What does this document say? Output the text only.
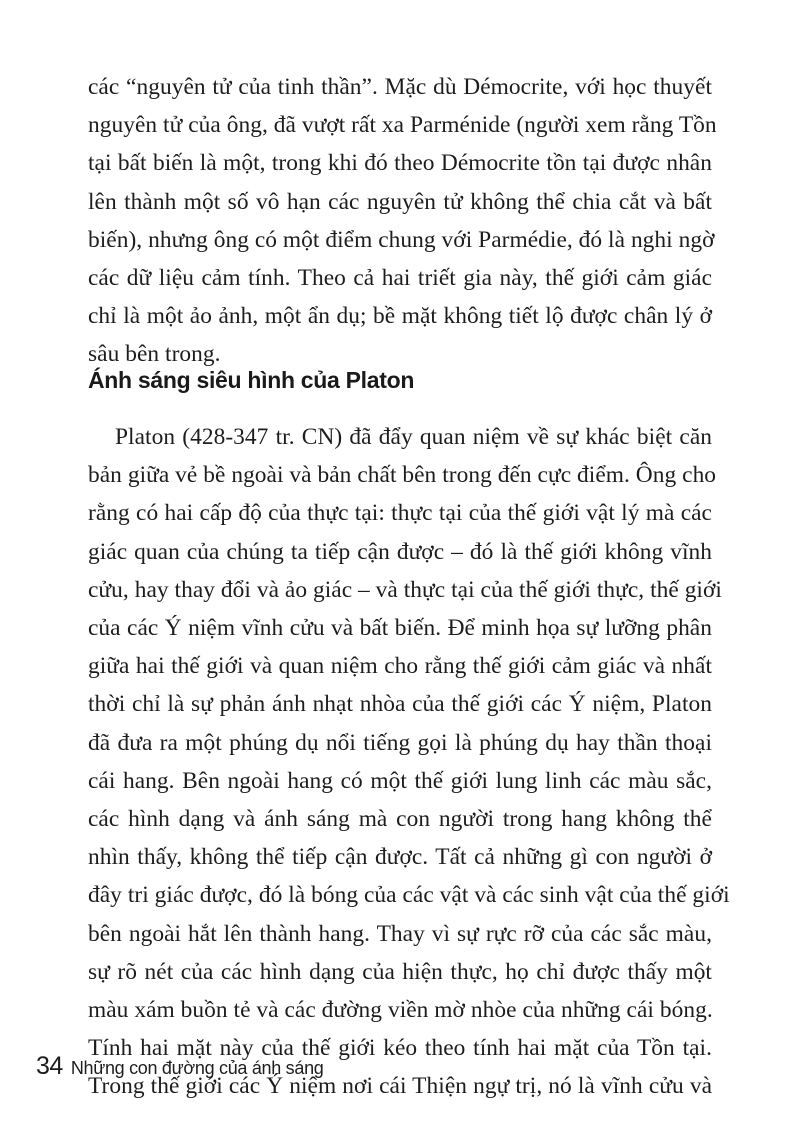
các “nguyên tử của tinh thần”. Mặc dù Démocrite, với học thuyết
nguyên tử của ông, đã vượt rất xa Parménide (người xem rằng Tồn
tại bất biến là một, trong khi đó theo Démocrite tồn tại được nhân
lên thành một số vô hạn các nguyên tử không thể chia cắt và bất
biến), nhưng ông có một điểm chung với Parmédie, đó là nghi ngờ
các dữ liệu cảm tính. Theo cả hai triết gia này, thế giới cảm giác
chỉ là một ảo ảnh, một ẩn dụ; bề mặt không tiết lộ được chân lý ở
sâu bên trong.

Ánh sáng siêu hình của Platon

Platon (428-347 tr. CN) đã đẩy quan niệm về sự khác biệt căn
bản giữa vẻ bề ngoài và bản chất bên trong đến cực điểm. Ông cho
rằng có hai cấp độ của thực tại: thực tại của thế giới vật lý mà các
giác quan của chúng ta tiếp cận được – đó là thế giới không vĩnh
cửu, hay thay đổi và ảo giác – và thực tại của thế giới thực, thế giới
của các Ý niệm vĩnh cửu và bất biến. Để minh họa sự lưỡng phân
giữa hai thế giới và quan niệm cho rằng thế giới cảm giác và nhất
thời chỉ là sự phản ánh nhạt nhòa của thế giới các Ý niệm, Platon
đã đưa ra một phúng dụ nổi tiếng gọi là phúng dụ hay thần thoại
cái hang. Bên ngoài hang có một thế giới lung linh các màu sắc,
các hình dạng và ánh sáng mà con người trong hang không thể
nhìn thấy, không thể tiếp cận được. Tất cả những gì con người ở
đây tri giác được, đó là bóng của các vật và các sinh vật của thế giới
bên ngoài hắt lên thành hang. Thay vì sự rực rỡ của các sắc màu,
sự rõ nét của các hình dạng của hiện thực, họ chỉ được thấy một
màu xám buồn tẻ và các đường viền mờ nhòe của những cái bóng.
Tính hai mặt này của thế giới kéo theo tính hai mặt của Tồn tại.
Trong thế giới các Ý niệm nơi cái Thiện ngự trị, nó là vĩnh cửu và

34 Những con đường của ánh sáng
